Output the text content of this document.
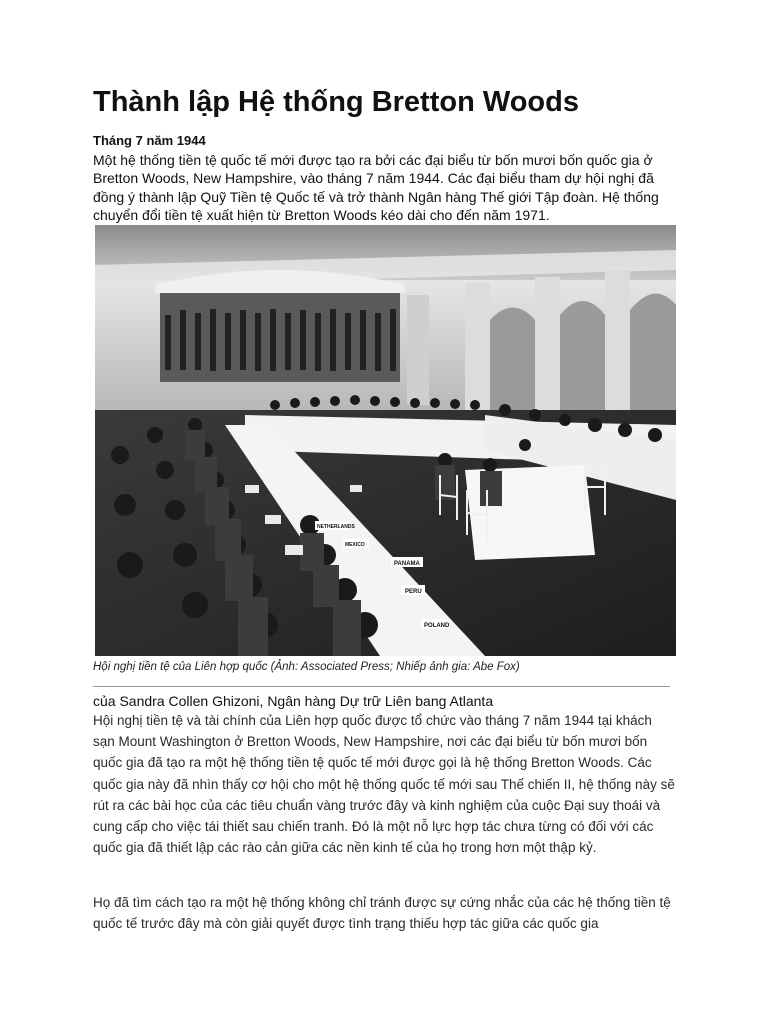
Thành lập Hệ thống Bretton Woods
Tháng 7 năm 1944

Một hệ thống tiền tệ quốc tế mới được tạo ra bởi các đại biểu từ bốn mươi bốn quốc gia ở Bretton Woods, New Hampshire, vào tháng 7 năm 1944. Các đại biểu tham dự hội nghị đã đồng ý thành lập Quỹ Tiền tệ Quốc tế và trở thành Ngân hàng Thế giới Tập đoàn. Hệ thống chuyển đổi tiền tệ xuất hiện từ Bretton Woods kéo dài cho đến năm 1971.

PANAMA
PERU
POLAND
MEXICO
NETHERLANDS
Hội nghị tiền tệ của Liên hợp quốc (Ảnh: Associated Press; Nhiếp ảnh gia: Abe Fox)
của Sandra Collen Ghizoni, Ngân hàng Dự trữ Liên bang Atlanta

Hội nghị tiền tệ và tài chính của Liên hợp quốc được tổ chức vào tháng 7 năm 1944 tại khách sạn Mount Washington ở Bretton Woods, New Hampshire, nơi các đại biểu từ bốn mươi bốn quốc gia đã tạo ra một hệ thống tiền tệ quốc tế mới được gọi là hệ thống Bretton Woods. Các quốc gia này đã nhìn thấy cơ hội cho một hệ thống quốc tế mới sau Thế chiến II, hệ thống này sẽ rút ra các bài học của các tiêu chuẩn vàng trước đây và kinh nghiệm của cuộc Đại suy thoái và cung cấp cho việc tái thiết sau chiến tranh. Đó là một nỗ lực hợp tác chưa từng có đối với các quốc gia đã thiết lập các rào cản giữa các nền kinh tế của họ trong hơn một thập kỷ.

Họ đã tìm cách tạo ra một hệ thống không chỉ tránh được sự cứng nhắc của các hệ thống tiền tệ quốc tế trước đây mà còn giải quyết được tình trạng thiếu hợp tác giữa các quốc gia
